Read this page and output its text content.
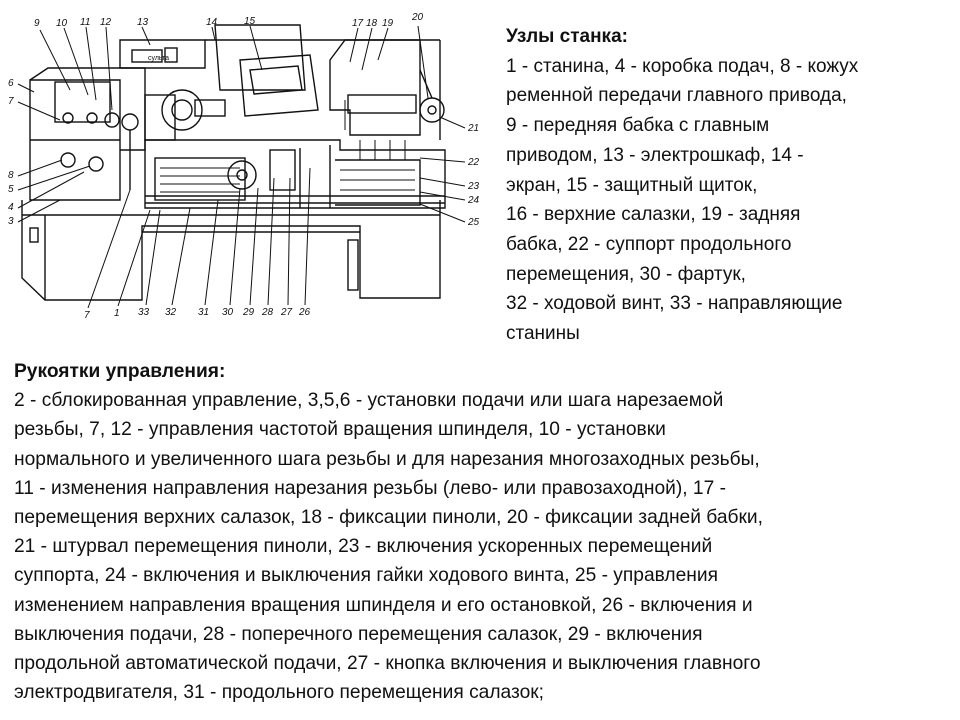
9 10 11 12	13	14	15	17 18 19
20
6
7
8
5
4
3
21
22
23
24
25
7 1 33 32 31 30 29 28 27 26
сульта
Узлы станка:
1 - станина, 4 - коробка подач, 8 - кожух
ременной передачи главного привода,
9 - передняя бабка с главным
приводом, 13 - электрошкаф, 14 -
экран, 15 - защитный щиток,
16 - верхние салазки, 19 - задняя
бабка, 22 - суппорт продольного
перемещения, 30 - фартук,
32 - ходовой винт, 33 - направляющие
станины
Рукоятки управления:
2 - сблокированная управление, 3,5,6 - установки подачи или шага нарезаемой
резьбы, 7, 12 - управления частотой вращения шпинделя, 10 - установки
нормального и увеличенного шага резьбы и для нарезания многозаходных резьбы,
11 - изменения направления нарезания резьбы (лево- или правозаходной), 17 -
перемещения верхних салазок, 18 - фиксации пиноли, 20 - фиксации задней бабки,
21 - штурвал перемещения пиноли, 23 - включения ускоренных перемещений
суппорта, 24 - включения и выключения гайки ходового винта, 25 - управления
изменением направления вращения шпинделя и его остановкой, 26 - включения и
выключения подачи, 28 - поперечного перемещения салазок, 29 - включения
продольной автоматической подачи, 27 - кнопка включения и выключения главного
электродвигателя, 31 - продольного перемещения салазок;
